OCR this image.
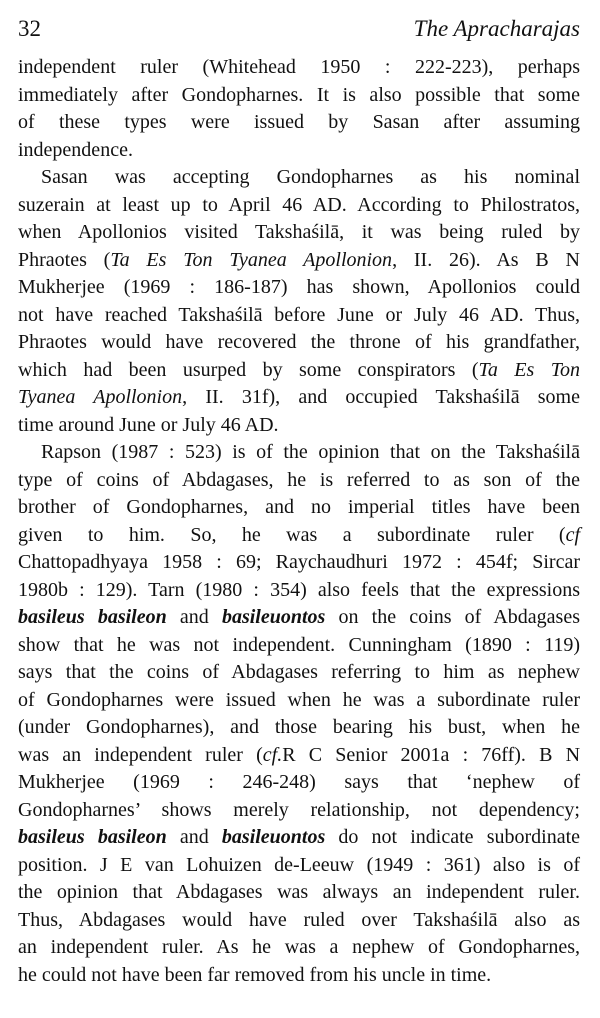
32	The Apracharajas
independent ruler (Whitehead 1950 : 222-223), perhaps
immediately after Gondopharnes. It is also possible that some
of these types were issued by Sasan after assuming
independence.
Sasan was accepting Gondopharnes as his nominal
suzerain at least up to April 46 AD. According to Philostratos,
when Apollonios visited Takshaśilā, it was being ruled by
Phraotes (Ta Es Ton Tyanea Apollonion, II. 26). As B N
Mukherjee (1969 : 186-187) has shown, Apollonios could
not have reached Takshaśilā before June or July 46 AD. Thus,
Phraotes would have recovered the throne of his grandfather,
which had been usurped by some conspirators (Ta Es Ton
Tyanea Apollonion, II. 31f), and occupied Takshaśilā some
time around June or July 46 AD.
Rapson (1987 : 523) is of the opinion that on the Takshaśilā
type of coins of Abdagases, he is referred to as son of the
brother of Gondopharnes, and no imperial titles have been
given to him. So, he was a subordinate ruler (cf
Chattopadhyaya 1958 : 69; Raychaudhuri 1972 : 454f; Sircar
1980b : 129). Tarn (1980 : 354) also feels that the expressions
basileus basileon and basileuontos on the coins of Abdagases
show that he was not independent. Cunningham (1890 : 119)
says that the coins of Abdagases referring to him as nephew
of Gondopharnes were issued when he was a subordinate ruler
(under Gondopharnes), and those bearing his bust, when he
was an independent ruler (cf.R C Senior 2001a : 76ff). B N
Mukherjee (1969 : 246-248) says that ‘nephew of
Gondopharnes’ shows merely relationship, not dependency;
basileus basileon and basileuontos do not indicate subordinate
position. J E van Lohuizen de-Leeuw (1949 : 361) also is of
the opinion that Abdagases was always an independent ruler.
Thus, Abdagases would have ruled over Takshaśilā also as
an independent ruler. As he was a nephew of Gondopharnes,
he could not have been far removed from his uncle in time.
